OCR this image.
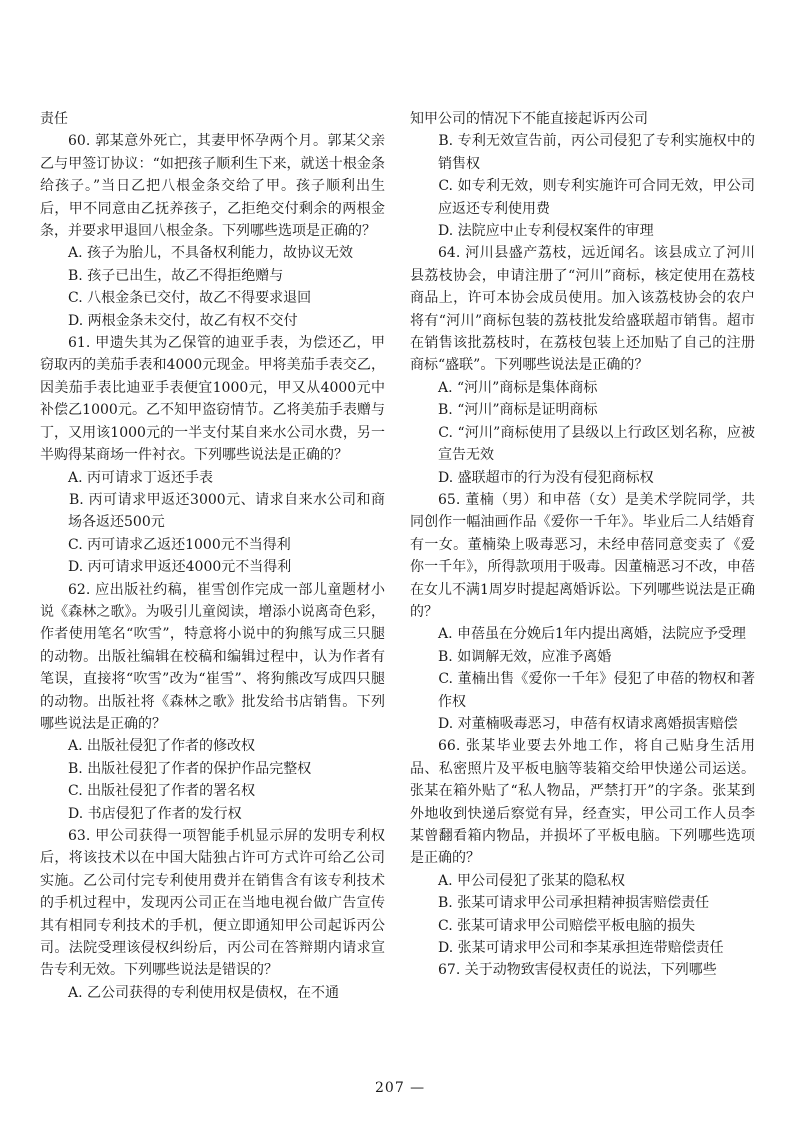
责任

60. 郭某意外死亡，其妻甲怀孕两个月。郭某父亲乙与甲签订协议：“如把孩子顺利生下来，就送十根金条给孩子。”当日乙把八根金条交给了甲。孩子顺利出生后，甲不同意由乙抚养孩子，乙拒绝交付剩余的两根金条，并要求甲退回八根金条。下列哪些选项是正确的？

A. 孩子为胎儿，不具备权利能力，故协议无效

B. 孩子已出生，故乙不得拒绝赠与

C. 八根金条已交付，故乙不得要求退回

D. 两根金条未交付，故乙有权不交付

61. 甲遗失其为乙保管的迪亚手表，为偿还乙，甲窃取丙的美茄手表和4000元现金。甲将美茄手表交乙，因美茄手表比迪亚手表便宜1000元，甲又从4000元中补偿乙1000元。乙不知甲盗窃情节。乙将美茄手表赠与丁，又用该1000元的一半支付某自来水公司水费，另一半购得某商场一件衬衣。下列哪些说法是正确的？

A. 丙可请求丁返还手表

　　B. 丙可请求甲返还3000元、请求自来水公司和商场各返还500元

C. 丙可请求乙返还1000元不当得利

D. 丙可请求甲返还4000元不当得利

62. 应出版社约稿，崔雪创作完成一部儿童题材小说《森林之歌》。为吸引儿童阅读，增添小说离奇色彩，作者使用笔名“吹雪”，特意将小说中的狗熊写成三只腿的动物。出版社编辑在校稿和编辑过程中，认为作者有笔误，直接将“吹雪”改为“崔雪”、将狗熊改写成四只腿的动物。出版社将《森林之歌》批发给书店销售。下列哪些说法是正确的？

A. 出版社侵犯了作者的修改权

B. 出版社侵犯了作者的保护作品完整权

C. 出版社侵犯了作者的署名权

D. 书店侵犯了作者的发行权

63. 甲公司获得一项智能手机显示屏的发明专利权后，将该技术以在中国大陆独占许可方式许可给乙公司实施。乙公司付完专利使用费并在销售含有该专利技术的手机过程中，发现丙公司正在当地电视台做广告宣传其有相同专利技术的手机，便立即通知甲公司起诉丙公司。法院受理该侵权纠纷后，丙公司在答辩期内请求宣告专利无效。下列哪些说法是错误的？

　　A. 乙公司获得的专利使用权是债权，在不通

知甲公司的情况下不能直接起诉丙公司

　　B. 专利无效宣告前，丙公司侵犯了专利实施权中的销售权

　　C. 如专利无效，则专利实施许可合同无效，甲公司应返还专利使用费

D. 法院应中止专利侵权案件的审理

64. 河川县盛产荔枝，远近闻名。该县成立了河川县荔枝协会，申请注册了“河川”商标，核定使用在荔枝商品上，许可本协会成员使用。加入该荔枝协会的农户将有“河川”商标包装的荔枝批发给盛联超市销售。超市在销售该批荔枝时，在荔枝包装上还加贴了自己的注册商标“盛联”。下列哪些说法是正确的？

A. “河川”商标是集体商标

B. “河川”商标是证明商标

　　C. “河川”商标使用了县级以上行政区划名称，应被宣告无效

D. 盛联超市的行为没有侵犯商标权

65. 董楠（男）和申蓓（女）是美术学院同学，共同创作一幅油画作品《爱你一千年》。毕业后二人结婚育有一女。董楠染上吸毒恶习，未经申蓓同意变卖了《爱你一千年》，所得款项用于吸毒。因董楠恶习不改，申蓓在女儿不满1周岁时提起离婚诉讼。下列哪些说法是正确的？

　　A. 申蓓虽在分娩后1年内提出离婚，法院应予受理

B. 如调解无效，应准予离婚

　　C. 董楠出售《爱你一千年》侵犯了申蓓的物权和著作权

　　D. 对董楠吸毒恶习，申蓓有权请求离婚损害赔偿

66. 张某毕业要去外地工作，将自己贴身生活用品、私密照片及平板电脑等装箱交给甲快递公司运送。张某在箱外贴了“私人物品，严禁打开”的字条。张某到外地收到快递后察觉有异，经查实，甲公司工作人员李某曾翻看箱内物品，并损坏了平板电脑。下列哪些选项是正确的？

A. 甲公司侵犯了张某的隐私权

　　B. 张某可请求甲公司承担精神损害赔偿责任

C. 张某可请求甲公司赔偿平板电脑的损失

　　D. 张某可请求甲公司和李某承担连带赔偿责任

67. 关于动物致害侵权责任的说法，下列哪些

207 —
